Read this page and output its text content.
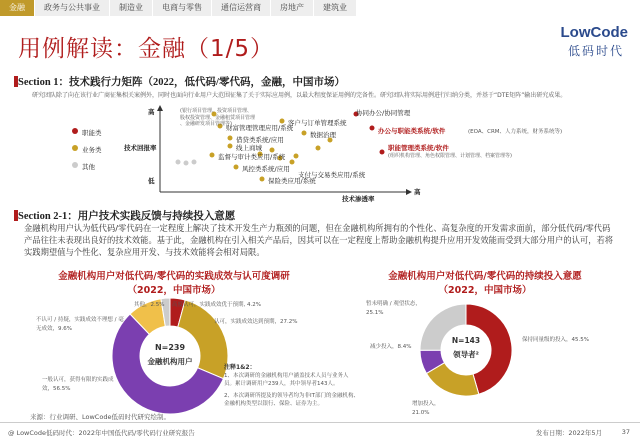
金融	政务与公共事业	制造业	电商与零售	通信运营商	房地产	建筑业
用例解读：金融（1/5）
LowCode
低码时代
Section 1：技术践行力矩阵（2022，低代码/零代码，金融，中国市场）
研究团队除了向在该行业广商征集相关案例外，同时也面向行业用户大范围征集了关于实际应用例，以最大程度保证用例的完备性。研究团队将实际用例进行归纳分类，并基于“DTE矩阵”输出研究成果。
职能类
业务类
其他
高
技术回报率
低
技术渗透率
高
(银行项目管理、投资项目管理、
股权投资管理、金融租赁项目管理
、金融研发项目管理等)
财富管理管理应用/系统
借贷类系统/应用
线上商城
监督与审计类应用/系统
风控类系统/应用
保险类应用/系统
客户与订单管理系统
数据治理
支付与交易类应用/系统
协同办公/协同管理
办公与职能类系统/软件	(EOA、CRM、人力系统，财务系统等)
职能管理类系统/软件
(组织机构管理、角色权限管理、计划管理、档案管理等)
Section 2-1：用户技术实践反馈与持续投入意愿
金融机构用户认为低代码/零代码在一定程度上解决了技术开发生产力瓶颈的问题，但在金融机构所拥有的个性化、高复杂度的开发需求面前，部分低代码/零代码产品往往未表现出良好的技术效能。基于此，金融机构在引入相关产品后，因其可以在一定程度上帮助金融机构提升应用开发效能而受到大部分用户的认可，若将实践期望值与个性化、复杂应用开发、与技术效能将会相对局限。
金融机构用户对低代码/零代码的实践成效与认可度调研
（2022，中国市场）
N=239
金融机构用户
高度认可，实践成效优于预期, 4.2%
认可，实践成效达到预期，27.2%
一般认可，获得有限的实践成效，56.5%
不认可 / 持疑，实践成效不理想 / 毫无成效，9.6%
其他，2.5%
注释1&2：
1、本次调研的金融机构用户涵盖技术人员与业务人员。累计调研用户239人，其中领导者143人。
2、本次调研所提及的领导者均为非IT部门的金融机构、金融机构类型以银行、保险、证券为主。
金融机构用户对低代码/零代码的持续投入意愿
（2022，中国市场）
N=143
领导者²
保持同量级的投入，45.5%
增加投入，21.0%
减少投入，8.4%
暂未明确 / 观望状态，25.1%
来源：行业调研、LowCode低码时代研究绘制。
@ LowCode低码时代：2022年中国低代码/零代码行业研究报告	发布日期：2022年5月	37
